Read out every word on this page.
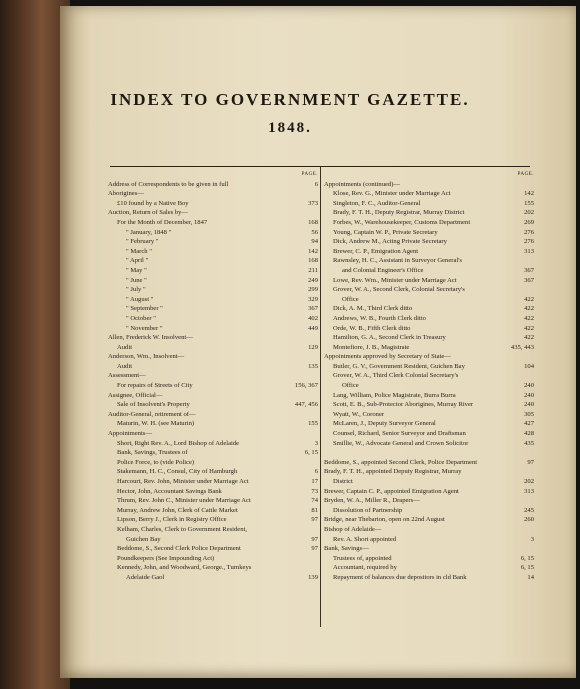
INDEX TO GOVERNMENT GAZETTE.
1848.
PAGE.
Address of Correspondents to be given in full	6
Aborigines—
£10 found by a Native Boy	373
Auction, Return of Sales by—
For the Month of December, 1847	168
" January, 1848 "	56
" February "	94
" March "	142
" April "	168
" May "	211
" June "	249
" July "	299
" August "	329
" September "	367
" October "	402
" November "	449
Allen, Frederick W. Insolvent—
Audit	129
Anderson, Wm., Insolvent—
Audit	135
Assessment—
For repairs of Streets of City	156, 367
Assignee, Official—
Sale of Insolvent's Property	447, 456
Auditor-General, retirement of—
Maturin, W. H. (see Maturin)	155
Appointments—
Short, Right Rev. A., Lord Bishop of Adelaide	3
Bank, Savings, Trustees of	6, 15
Police Force, to (vide Police)
Stakemann, H. C., Consul, City of Hamburgh	6
Harcourt, Rev. John, Minister under Marriage Act	17
Hector, John, Accountant Savings Bank	73
Thrum, Rev. John C., Minister under Marriage Act	74
Murray, Andrew John, Clerk of Cattle Market	81
Lipson, Berry J., Clerk in Registry Office	97
Kelham, Charles, Clerk to Government Resident,
Guichen Bay	97
Beddome, S., Second Clerk Police Department	97
Poundkeepers (See Impounding Act)
Kennedy, John, and Woodward, George., Turnkeys
Adelaide Gaol	139
PAGE.
Appointments (continued)—
Klose, Rev. G., Minister under Marriage Act	142
Singleton, F. C., Auditor-General	155
Brady, F. T. H., Deputy Registrar, Murray District	202
Forbes, W., Warehousekeeper, Customs Department	269
Young, Captain W. P., Private Secretary	276
Dick, Andrew M., Acting Private Secretary	276
Brewer, C. P., Emigration Agent	313
Rawnsley, H. C., Assistant in Surveyor General's
and Colonial Engineer's Office	367
Lowe, Rev. Wm., Minister under Marriage Act	367
Grover, W. A., Second Clerk, Colonial Secretary's
Office	422
Dick, A. M., Third Clerk ditto	422
Andrews, W. B., Fourth Clerk ditto	422
Orde, W. B., Fifth Clerk ditto	422
Hamilton, G. A., Second Clerk in Treasury	422
Montefiore, J. B., Magistrate	435, 443
Appointments approved by Secretary of State—
Butler, G. V., Government Resident, Guichen Bay	104
Grover, W. A., Third Clerk Colonial Secretary's
Office	240
Lang, William, Police Magistrate, Burra Burra	240
Scott, E. B., Sub-Protector Aborigines, Murray River	240
Wyatt, W., Coroner	305
McLaren, J., Deputy Surveyor General	427
Counsel, Richard, Senior Surveyor and Draftsman	428
Smillie, W., Advocate General and Crown Solicitor	435
Beddome, S., appointed Second Clerk, Police Department	97
Brady, F. T. H., appointed Deputy Registrar, Murray
District	202
Brewer, Captain C. P., appointed Emigration Agent	313
Bryden, W. A., Miller R., Drapers—
Dissolution of Partnership	245
Bridge, near Thebarton, open on 22nd August	260
Bishop of Adelaide—
Rev. A. Short appointed	3
Bank, Savings—
Trustees of, appointed	6, 15
Accountant, required by	6, 15
Repayment of balances due depositors in cld Bank	14
